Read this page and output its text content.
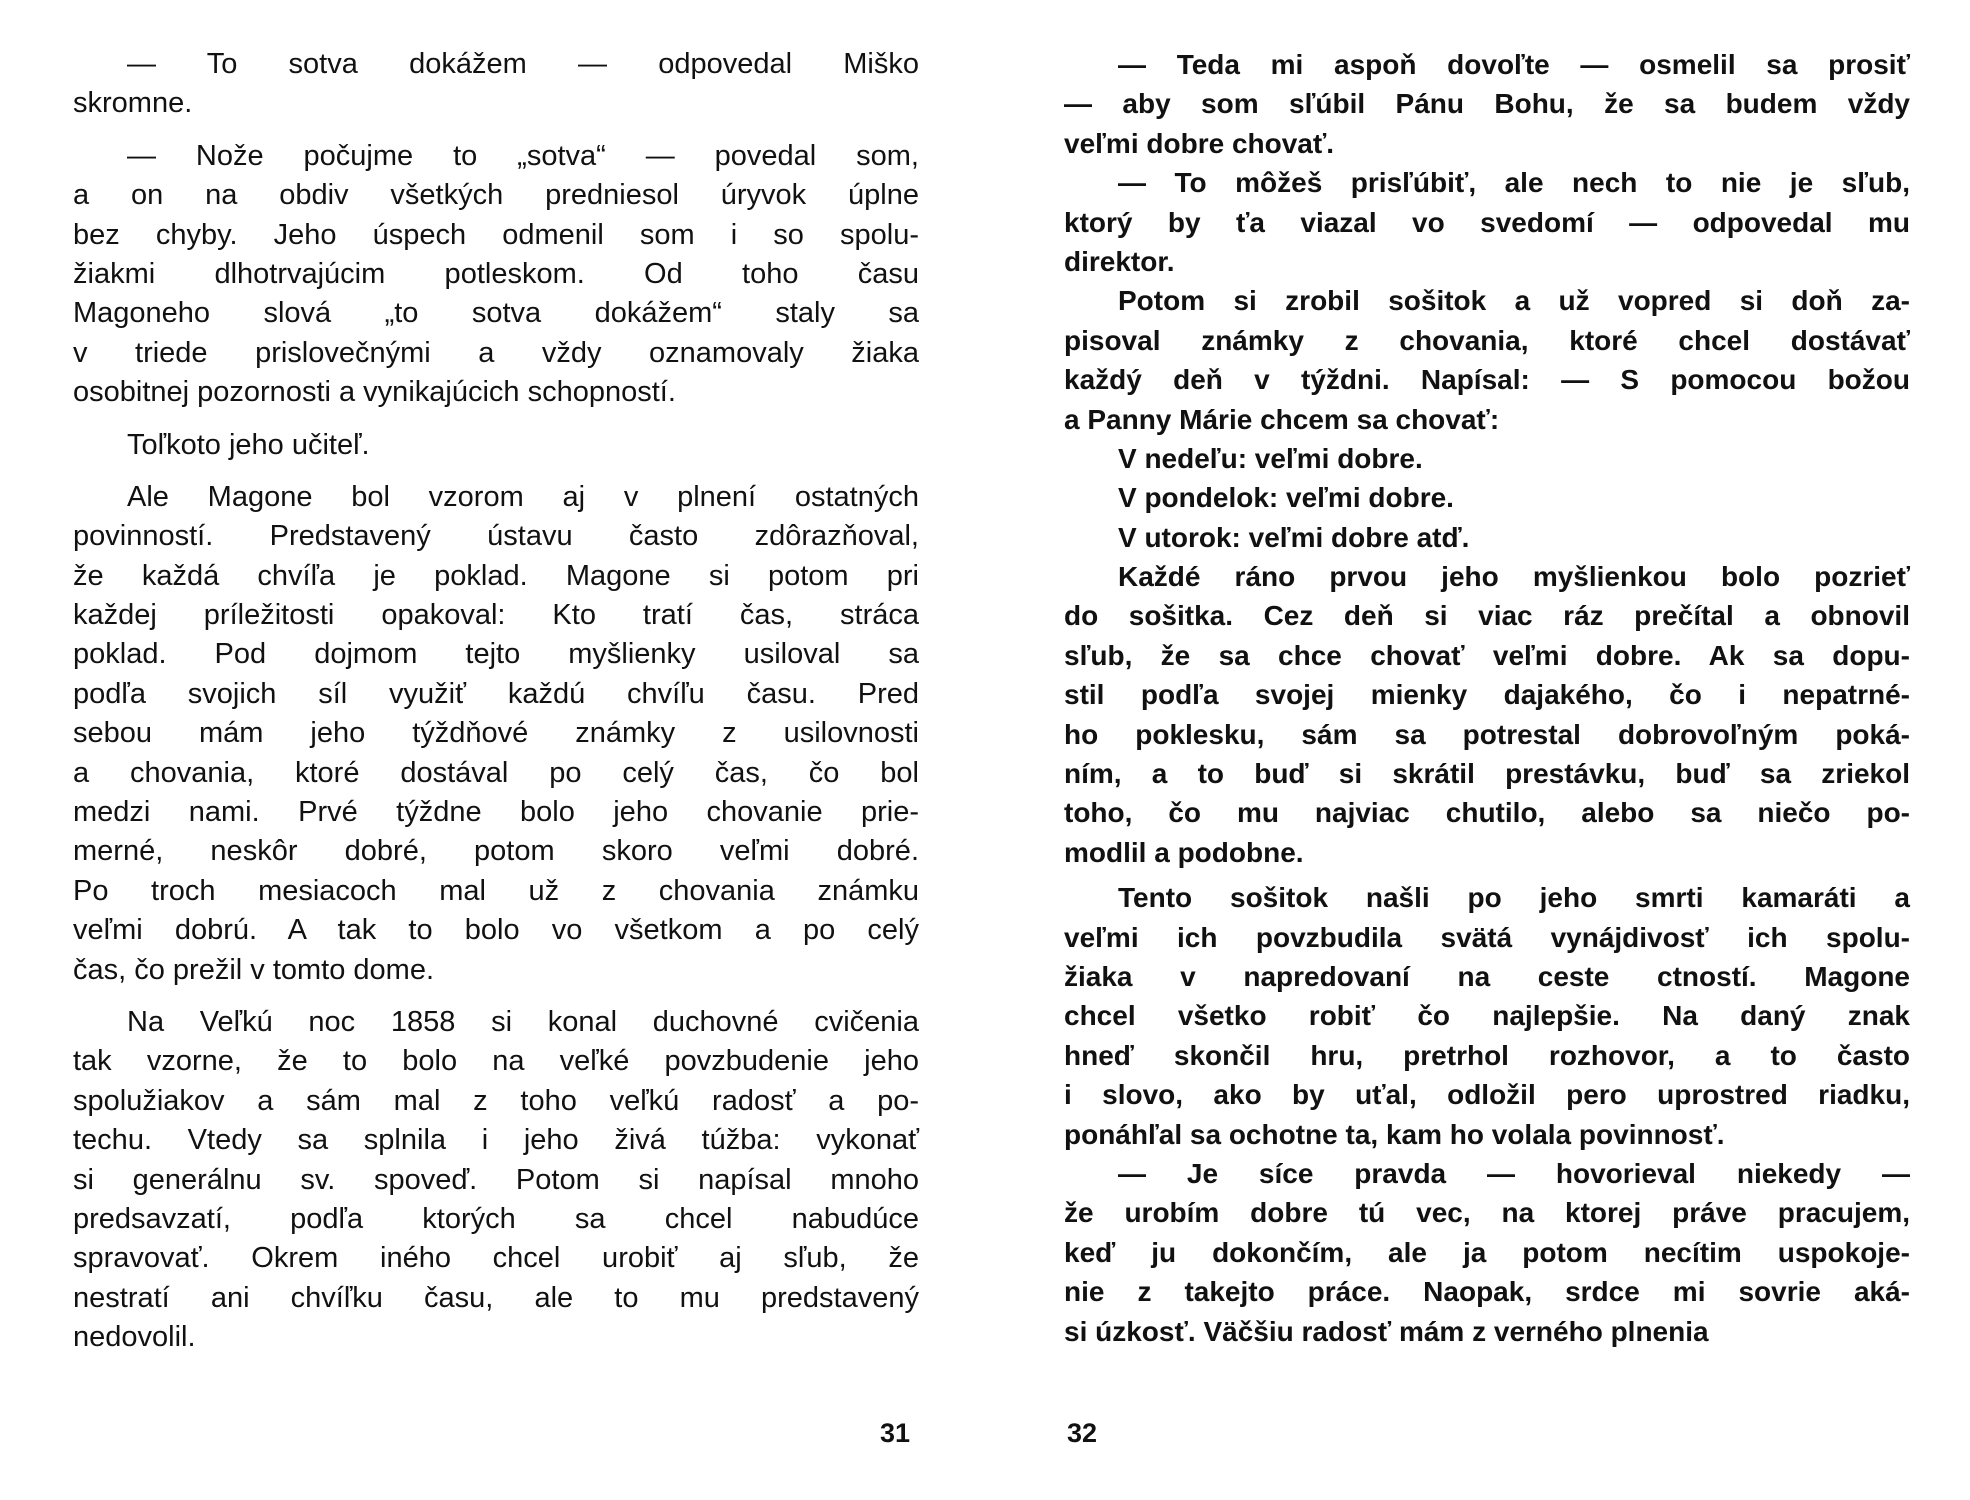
— To sotva dokážem — odpovedal Miško
skromne.
— Nože počujme to „sotva“ — povedal som,
a on na obdiv všetkých predniesol úryvok úplne
bez chyby. Jeho úspech odmenil som i so spolu-
žiakmi dlhotrvajúcim potleskom. Od toho času
Magoneho slová „to sotva dokážem“ staly sa
v triede prislovečnými a vždy oznamovaly žiaka
osobitnej pozornosti a vynikajúcich schopností.
Toľkoto jeho učiteľ.
Ale Magone bol vzorom aj v plnení ostatných
povinností. Predstavený ústavu často zdôrazňoval,
že každá chvíľa je poklad. Magone si potom pri
každej príležitosti opakoval: Kto tratí čas, stráca
poklad. Pod dojmom tejto myšlienky usiloval sa
podľa svojich síl využiť každú chvíľu času. Pred
sebou mám jeho týždňové známky z usilovnosti
a chovania, ktoré dostával po celý čas, čo bol
medzi nami. Prvé týždne bolo jeho chovanie prie-
merné, neskôr dobré, potom skoro veľmi dobré.
Po troch mesiacoch mal už z chovania známku
veľmi dobrú. A tak to bolo vo všetkom a po celý
čas, čo prežil v tomto dome.
Na Veľkú noc 1858 si konal duchovné cvičenia
tak vzorne, že to bolo na veľké povzbudenie jeho
spolužiakov a sám mal z toho veľkú radosť a po-
techu. Vtedy sa splnila i jeho živá túžba: vykonať
si generálnu sv. spoveď. Potom si napísal mnoho
predsavzatí, podľa ktorých sa chcel nabudúce
spravovať. Okrem iného chcel urobiť aj sľub, že
nestratí ani chvíľku času, ale to mu predstavený
nedovolil.
— Teda mi aspoň dovoľte — osmelil sa prosiť
— aby som sľúbil Pánu Bohu, že sa budem vždy
veľmi dobre chovať.
— To môžeš prisľúbiť, ale nech to nie je sľub,
ktorý by ťa viazal vo svedomí — odpovedal mu
direktor.
Potom si zrobil sošitok a už vopred si doň za-
pisoval známky z chovania, ktoré chcel dostávať
každý deň v týždni. Napísal: — S pomocou božou
a Panny Márie chcem sa chovať:
V nedeľu: veľmi dobre.
V pondelok: veľmi dobre.
V utorok: veľmi dobre atď.
Každé ráno prvou jeho myšlienkou bolo pozrieť
do sošitka. Cez deň si viac ráz prečítal a obnovil
sľub, že sa chce chovať veľmi dobre. Ak sa dopu-
stil podľa svojej mienky dajakého, čo i nepatrné-
ho poklesku, sám sa potrestal dobrovoľným poká-
ním, a to buď si skrátil prestávku, buď sa zriekol
toho, čo mu najviac chutilo, alebo sa niečo po-
modlil a podobne.
Tento sošitok našli po jeho smrti kamaráti a
veľmi ich povzbudila svätá vynájdivosť ich spolu-
žiaka v napredovaní na ceste ctností. Magone
chcel všetko robiť čo najlepšie. Na daný znak
hneď skončil hru, pretrhol rozhovor, a to často
i slovo, ako by uťal, odložil pero uprostred riadku,
ponáhľal sa ochotne ta, kam ho volala povinnosť.
— Je síce pravda — hovorieval niekedy —
že urobím dobre tú vec, na ktorej práve pracujem,
keď ju dokončím, ale ja potom necítim uspokoje-
nie z takejto práce. Naopak, srdce mi sovrie aká-
si úzkosť. Väčšiu radosť mám z verného plnenia
31	32
